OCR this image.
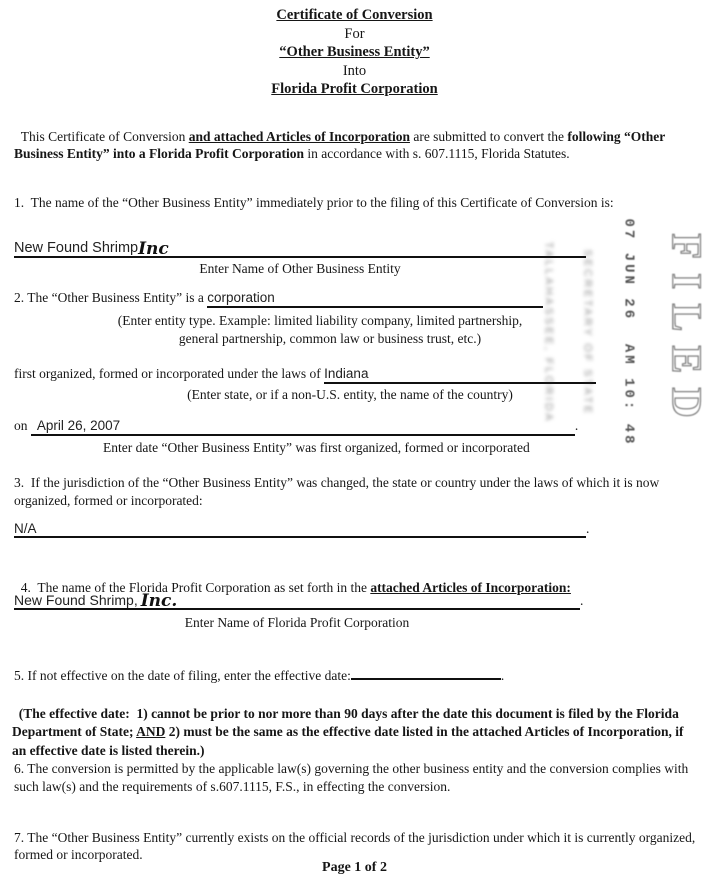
Certificate of Conversion
For
“Other Business Entity”
Into
Florida Profit Corporation

This Certificate of Conversion and attached Articles of Incorporation are submitted to convert the following “Other Business Entity” into a Florida Profit Corporation in accordance with s. 607.1115, Florida Statutes.

1.  The name of the “Other Business Entity” immediately prior to the filing of this Certificate of Conversion is:
New Found Shrimp Inc
Enter Name of Other Business Entity
2. The “Other Business Entity” is a corporation
(Enter entity type. Example: limited liability company, limited partnership,
general partnership, common law or business trust, etc.)
first organized, formed or incorporated under the laws of Indiana
(Enter state, or if a non-U.S. entity, the name of the country)
on April 26, 2007	.
Enter date “Other Business Entity” was first organized, formed or incorporated
3.  If the jurisdiction of the “Other Business Entity” was changed, the state or country under the laws of which it is now organized, formed or incorporated:
N/A	.

4.  The name of the Florida Profit Corporation as set forth in the attached Articles of Incorporation:

New Found Shrimp, Inc.	.
Enter Name of Florida Profit Corporation
5. If not effective on the date of filing, enter the effective date:	.

(The effective date:  1) cannot be prior to nor more than 90 days after the date this document is filed by the Florida Department of State; AND 2) must be the same as the effective date listed in the attached Articles of Incorporation, if an effective date is listed therein.)

6. The conversion is permitted by the applicable law(s) governing the other business entity and the conversion complies with such law(s) and the requirements of s.607.1115, F.S., in effecting the conversion.
7. The “Other Business Entity” currently exists on the official records of the jurisdiction under which it is currently organized, formed or incorporated.
Page 1 of 2
FILED
07 JUN 26  AM 10: 48
SECRETARY OF STATE
TALLAHASSEE, FLORIDA
